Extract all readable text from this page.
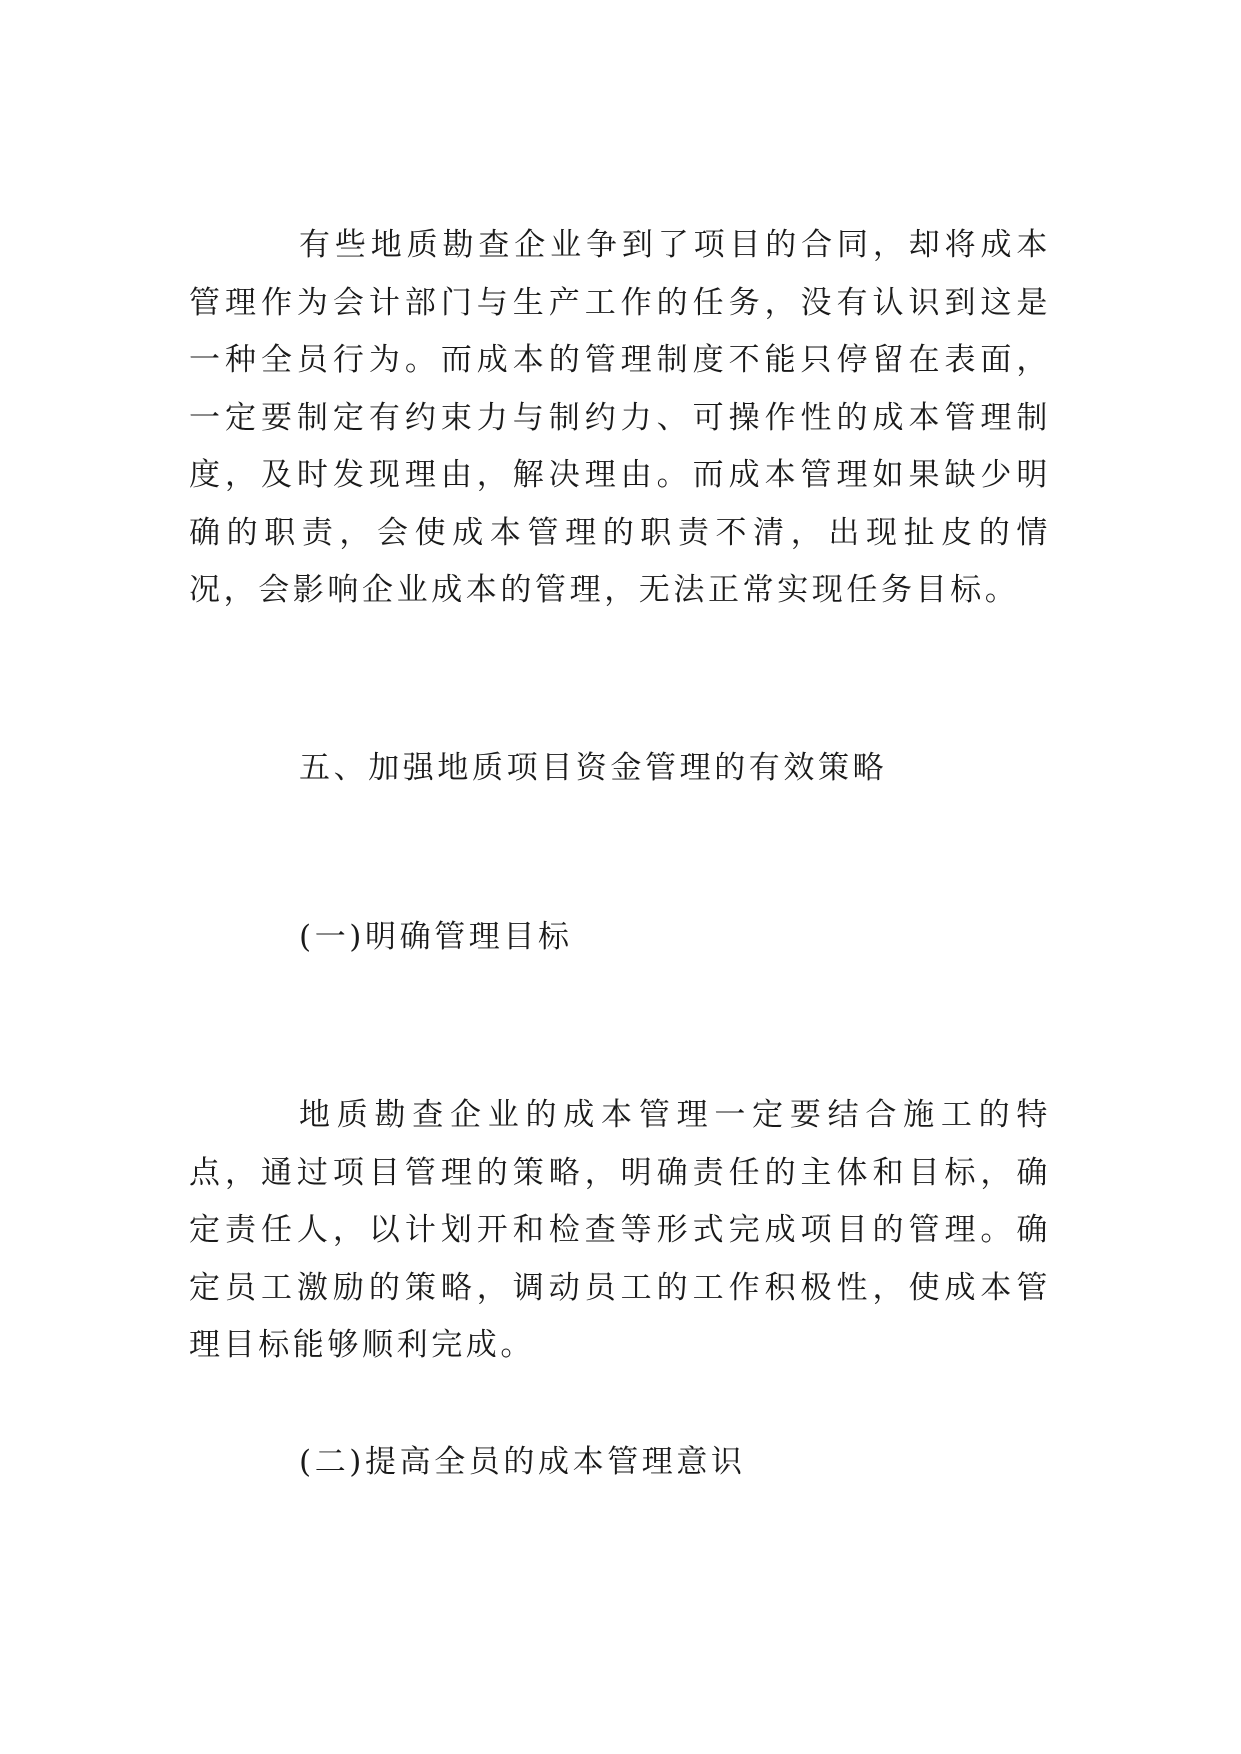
有些地质勘查企业争到了项目的合同，却将成本管理作为会计部门与生产工作的任务，没有认识到这是一种全员行为。而成本的管理制度不能只停留在表面，一定要制定有约束力与制约力、可操作性的成本管理制度，及时发现理由，解决理由。而成本管理如果缺少明确的职责，会使成本管理的职责不清，出现扯皮的情况，会影响企业成本的管理，无法正常实现任务目标。

五、加强地质项目资金管理的有效策略
(一)明确管理目标

地质勘查企业的成本管理一定要结合施工的特点，通过项目管理的策略，明确责任的主体和目标，确定责任人，以计划开和检查等形式完成项目的管理。确定员工激励的策略，调动员工的工作积极性，使成本管理目标能够顺利完成。

(二)提高全员的成本管理意识
